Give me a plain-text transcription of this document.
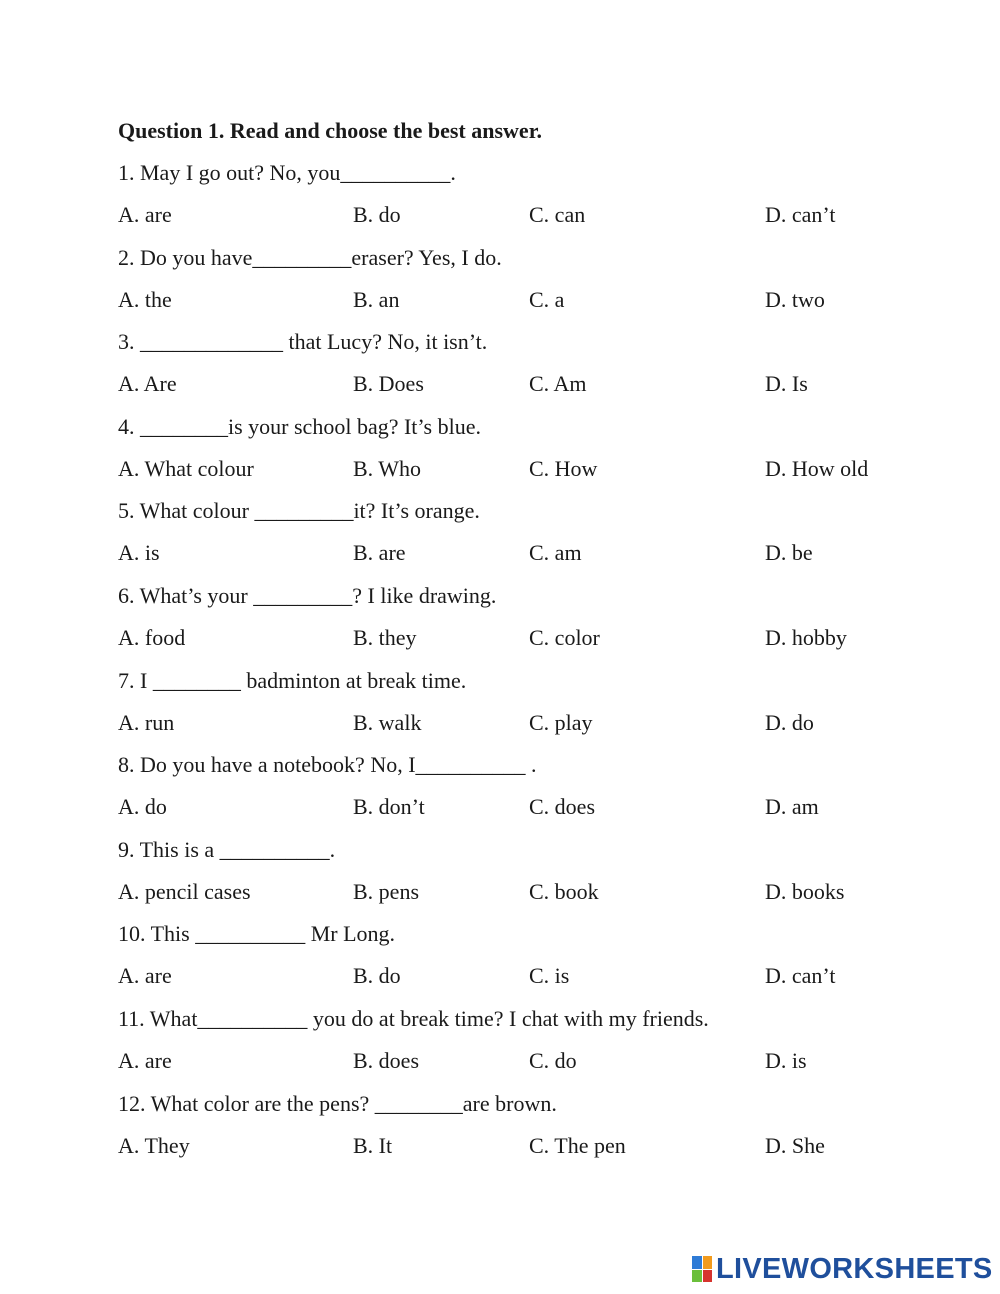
Question 1. Read and choose the best answer.
1. May I go out? No, you__________.
A. are	B. do	C. can	D. can’t
2. Do you have_________eraser? Yes, I do.
A. the	B. an	C. a	D. two
3. _____________ that Lucy? No, it isn’t.
A. Are	B. Does	C. Am	D. Is
4. ________is your school bag? It’s blue.
A. What colour	B. Who	C. How	D. How old
5. What colour _________it? It’s orange.
A. is	B. are	C. am	D. be
6. What’s your _________? I like drawing.
A. food	B. they	C. color	D. hobby
7. I ________ badminton at break time.
A. run	B. walk	C. play	D. do
8. Do you have a notebook? No, I__________ .
A. do	B. don’t	C. does	D. am
9. This is a __________.
A. pencil cases	B. pens	C. book	D. books
10. This __________ Mr Long.
A. are	B. do	C. is	D. can’t
11. What__________ you do at break time? I chat with my friends.
A. are	B. does	C. do	D. is
12. What color are the pens? ________are brown.
A. They	B. It	C. The pen	D. She
LIVEWORKSHEETS
